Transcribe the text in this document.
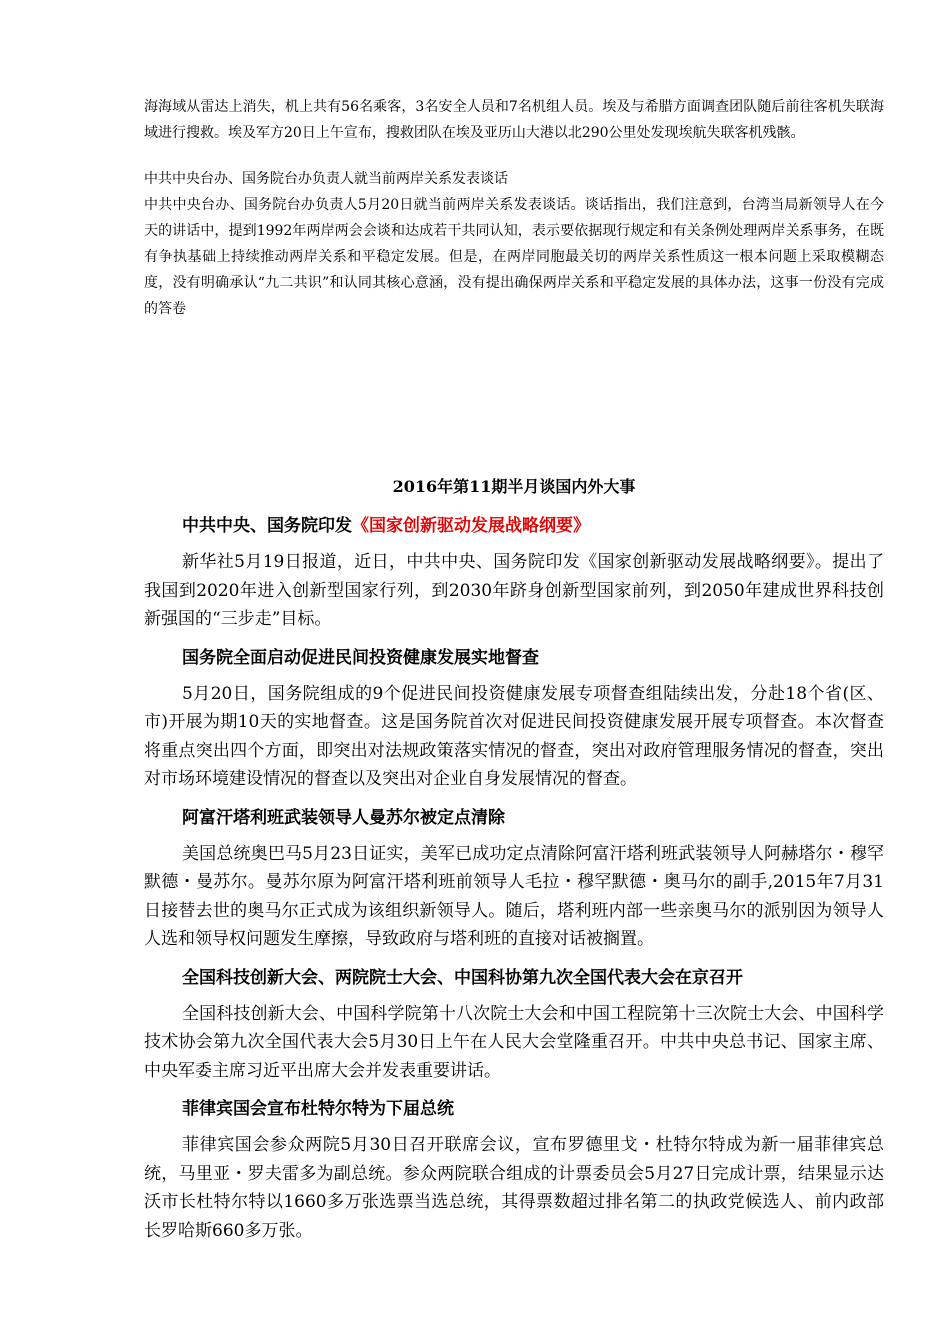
海海域从雷达上消失，机上共有56名乘客，3名安全人员和7名机组人员。埃及与希腊方面调查团队随后前往客机失联海域进行搜救。埃及军方20日上午宣布，搜救团队在埃及亚历山大港以北290公里处发现埃航失联客机残骸。

中共中央台办、国务院台办负责人就当前两岸关系发表谈话

中共中央台办、国务院台办负责人5月20日就当前两岸关系发表谈话。谈话指出，我们注意到，台湾当局新领导人在今天的讲话中，提到1992年两岸两会会谈和达成若干共同认知，表示要依据现行规定和有关条例处理两岸关系事务，在既有争执基础上持续推动两岸关系和平稳定发展。但是，在两岸同胞最关切的两岸关系性质这一根本问题上采取模糊态度，没有明确承认“九二共识”和认同其核心意涵，没有提出确保两岸关系和平稳定发展的具体办法，这事一份没有完成的答卷

2016年第11期半月谈国内外大事
中共中央、国务院印发《国家创新驱动发展战略纲要》

新华社5月19日报道，近日，中共中央、国务院印发《国家创新驱动发展战略纲要》。提出了我国到2020年进入创新型国家行列，到2030年跻身创新型国家前列，到2050年建成世界科技创新强国的“三步走”目标。

国务院全面启动促进民间投资健康发展实地督查

5月20日，国务院组成的9个促进民间投资健康发展专项督查组陆续出发，分赴18个省(区、市)开展为期10天的实地督查。这是国务院首次对促进民间投资健康发展开展专项督查。本次督查将重点突出四个方面，即突出对法规政策落实情况的督查，突出对政府管理服务情况的督查，突出对市场环境建设情况的督查以及突出对企业自身发展情况的督查。

阿富汗塔利班武装领导人曼苏尔被定点清除

美国总统奥巴马5月23日证实，美军已成功定点清除阿富汗塔利班武装领导人阿赫塔尔・穆罕默德・曼苏尔。曼苏尔原为阿富汗塔利班前领导人毛拉・穆罕默德・奥马尔的副手,2015年7月31日接替去世的奥马尔正式成为该组织新领导人。随后，塔利班内部一些亲奥马尔的派别因为领导人人选和领导权问题发生摩擦，导致政府与塔利班的直接对话被搁置。

全国科技创新大会、两院院士大会、中国科协第九次全国代表大会在京召开

全国科技创新大会、中国科学院第十八次院士大会和中国工程院第十三次院士大会、中国科学技术协会第九次全国代表大会5月30日上午在人民大会堂隆重召开。中共中央总书记、国家主席、中央军委主席习近平出席大会并发表重要讲话。

菲律宾国会宣布杜特尔特为下届总统

菲律宾国会参众两院5月30日召开联席会议，宣布罗德里戈・杜特尔特成为新一届菲律宾总统，马里亚・罗夫雷多为副总统。参众两院联合组成的计票委员会5月27日完成计票，结果显示达沃市长杜特尔特以1660多万张选票当选总统，其得票数超过排名第二的执政党候选人、前内政部长罗哈斯660多万张。
